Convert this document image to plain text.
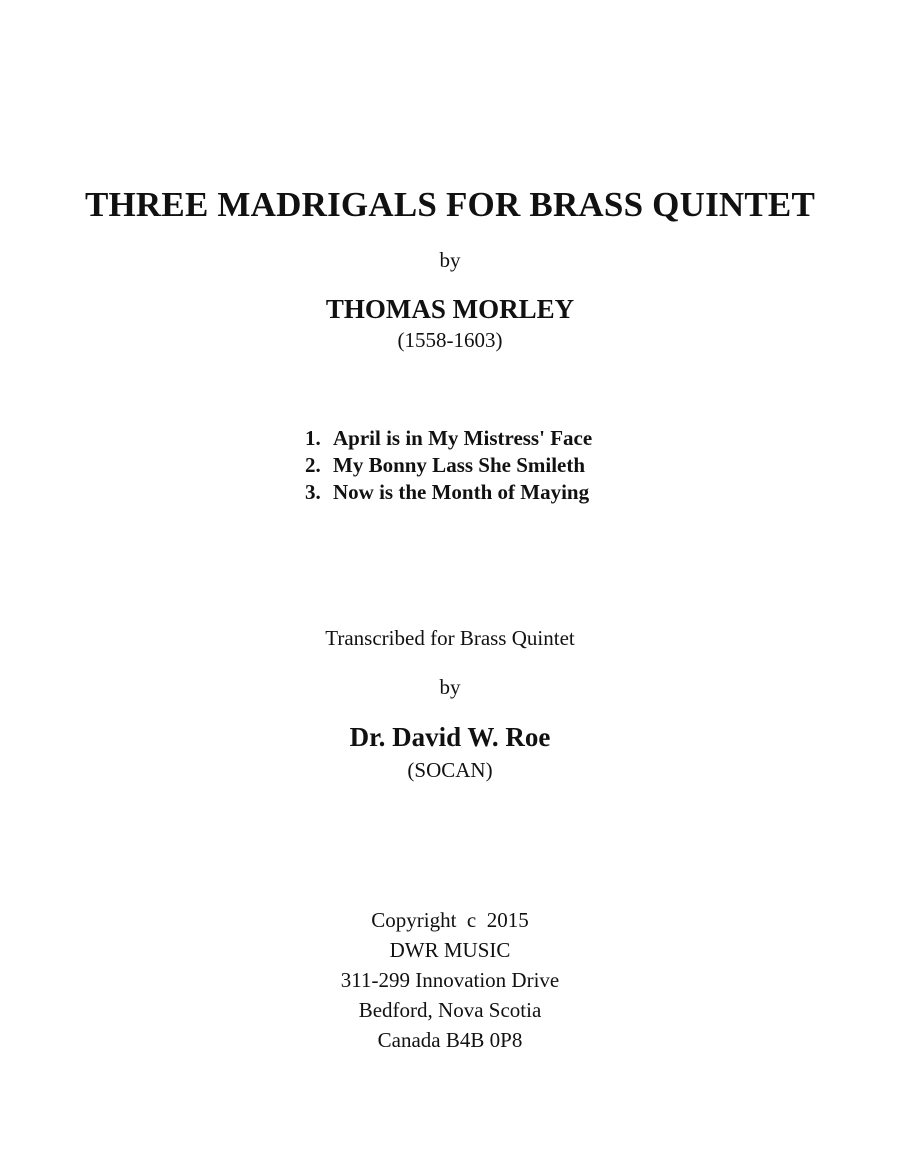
THREE MADRIGALS FOR BRASS QUINTET
by
THOMAS MORLEY
(1558-1603)
1. April is in My Mistress' Face
2. My Bonny Lass She Smileth
3. Now is the Month of Maying
Transcribed for Brass Quintet
by
Dr. David W. Roe
(SOCAN)
Copyright  c  2015
DWR MUSIC
311-299 Innovation Drive
Bedford, Nova Scotia
Canada B4B 0P8
